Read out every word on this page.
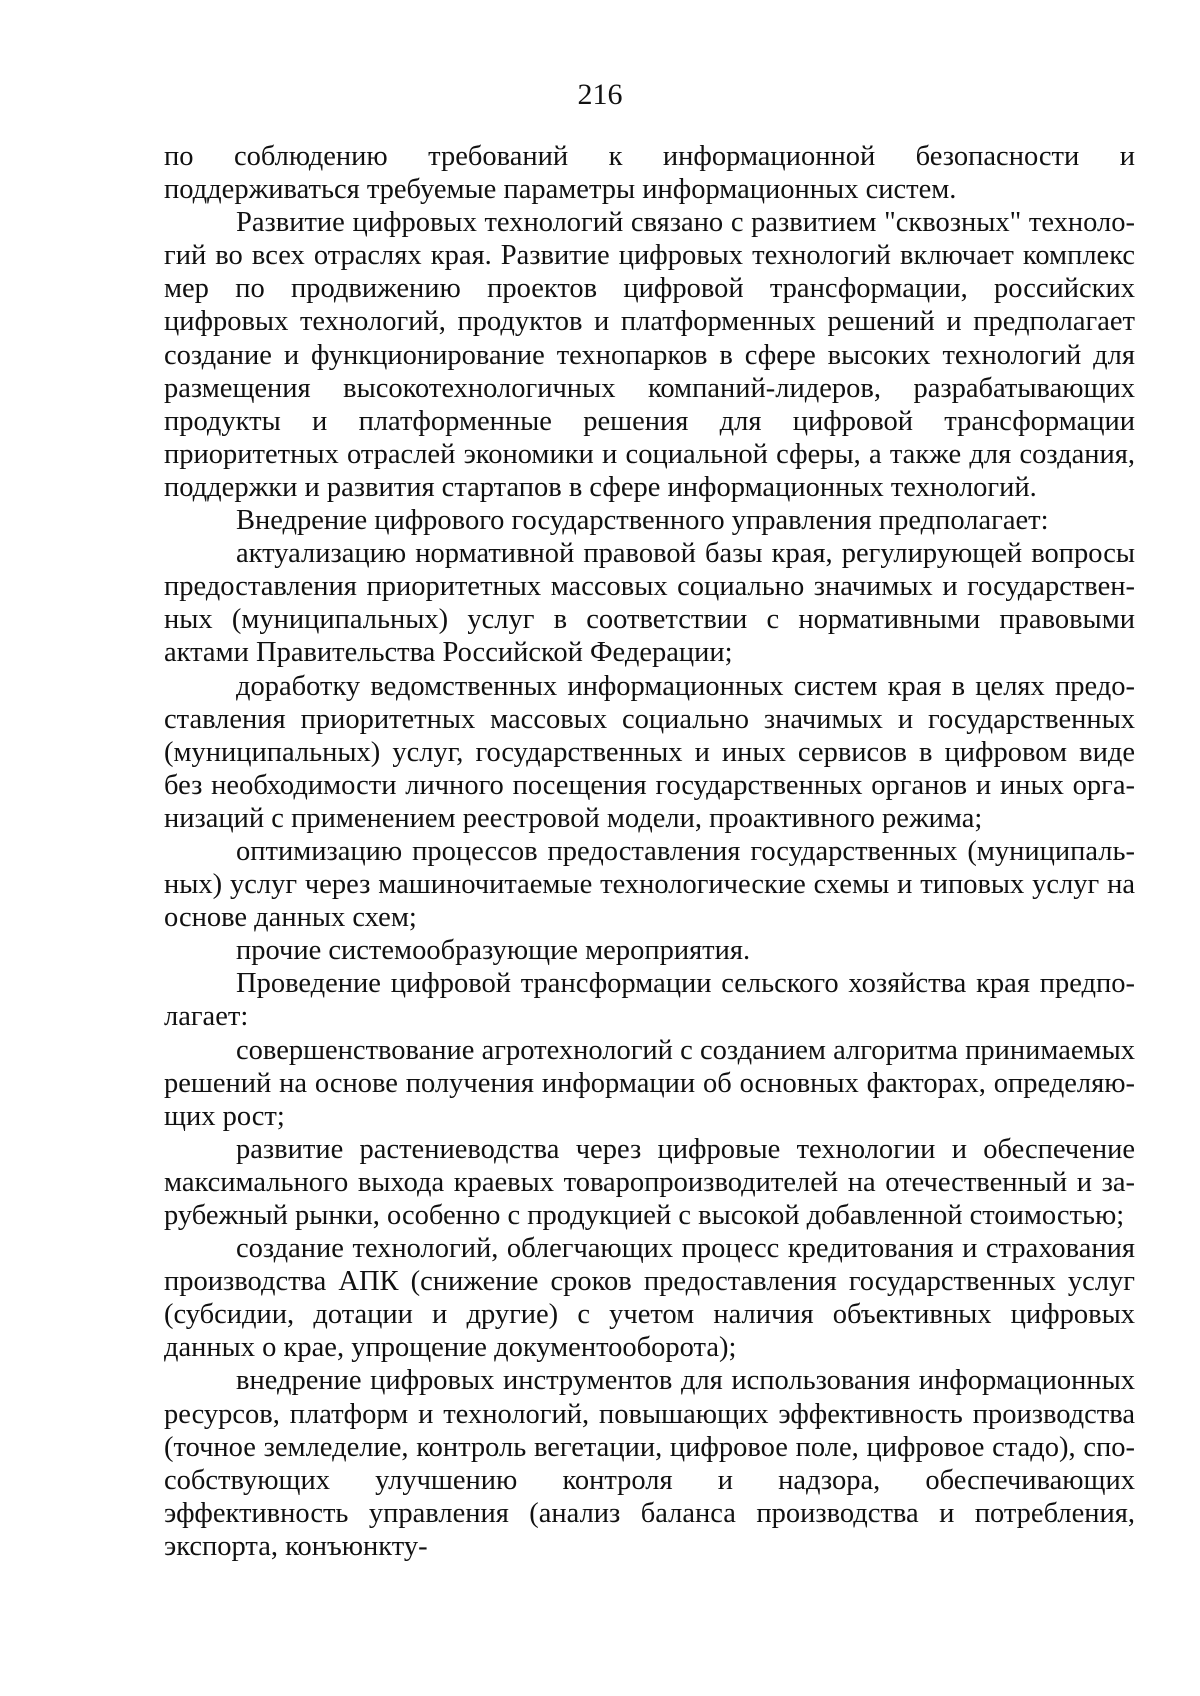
216

по соблюдению требований к информационной безопасности и поддерживаться требуемые параметры информационных систем.

Развитие цифровых технологий связано с развитием "сквозных" технологий во всех отраслях края. Развитие цифровых технологий включает комплекс мер по продвижению проектов цифровой трансформации, российских цифровых технологий, продуктов и платформенных решений и предполагает создание и функционирование технопарков в сфере высоких технологий для размещения высокотехнологичных компаний-лидеров, разрабатывающих продукты и платформенные решения для цифровой трансформации приоритетных отраслей экономики и социальной сферы, а также для создания, поддержки и развития стартапов в сфере информационных технологий.

Внедрение цифрового государственного управления предполагает:

актуализацию нормативной правовой базы края, регулирующей вопросы предоставления приоритетных массовых социально значимых и государственных (муниципальных) услуг в соответствии с нормативными правовыми актами Правительства Российской Федерации;

доработку ведомственных информационных систем края в целях предоставления приоритетных массовых социально значимых и государственных (муниципальных) услуг, государственных и иных сервисов в цифровом виде без необходимости личного посещения государственных органов и иных организаций с применением реестровой модели, проактивного режима;

оптимизацию процессов предоставления государственных (муниципальных) услуг через машиночитаемые технологические схемы и типовых услуг на основе данных схем;

прочие системообразующие мероприятия.

Проведение цифровой трансформации сельского хозяйства края предполагает:

совершенствование агротехнологий с созданием алгоритма принимаемых решений на основе получения информации об основных факторах, определяющих рост;

развитие растениеводства через цифровые технологии и обеспечение максимального выхода краевых товаропроизводителей на отечественный и зарубежный рынки, особенно с продукцией с высокой добавленной стоимостью;

создание технологий, облегчающих процесс кредитования и страхования производства АПК (снижение сроков предоставления государственных услуг (субсидии, дотации и другие) с учетом наличия объективных цифровых данных о крае, упрощение документооборота);

внедрение цифровых инструментов для использования информационных ресурсов, платформ и технологий, повышающих эффективность производства (точное земледелие, контроль вегетации, цифровое поле, цифровое стадо), способствующих улучшению контроля и надзора, обеспечивающих эффективность управления (анализ баланса производства и потребления, экспорта, конъюнкту-
